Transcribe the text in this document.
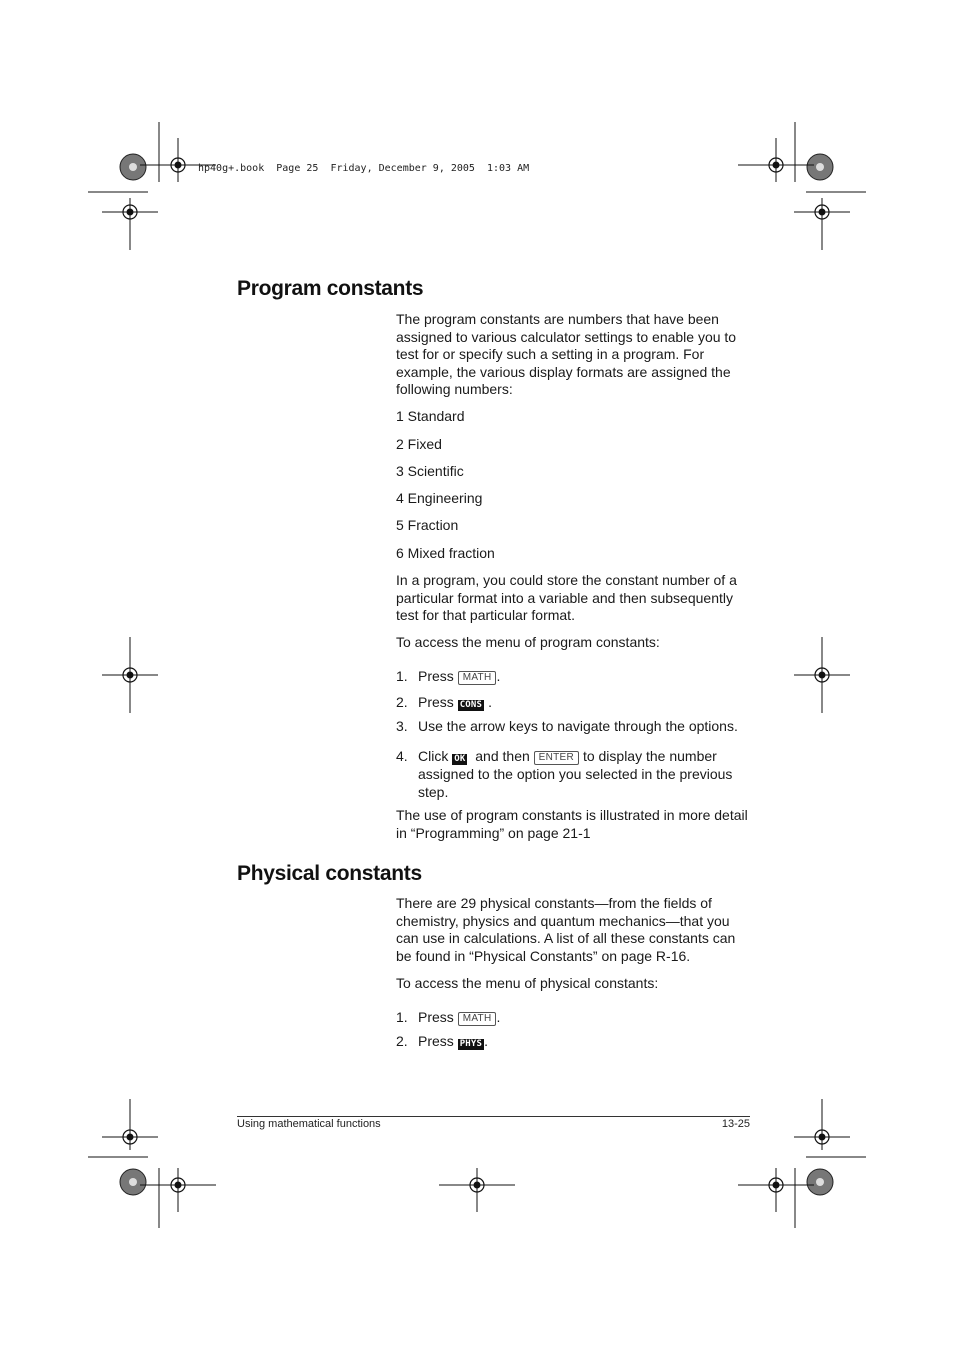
hp40g+.book  Page 25  Friday, December 9, 2005  1:03 AM
Program constants
The program constants are numbers that have been assigned to various calculator settings to enable you to test for or specify such a setting in a program. For example, the various display formats are assigned the following numbers:
1 Standard
2 Fixed
3 Scientific
4 Engineering
5 Fraction
6 Mixed fraction
In a program, you could store the constant number of a particular format into a variable and then subsequently test for that particular format.
To access the menu of program constants:
1. Press MATH .
2. Press CONS .
3. Use the arrow keys to navigate through the options.
4. Click OK and then ENTER to display the number assigned to the option you selected in the previous step.
The use of program constants is illustrated in more detail in “Programming” on page 21-1
Physical constants
There are 29 physical constants—from the fields of chemistry, physics and quantum mechanics—that you can use in calculations. A list of all these constants can be found in “Physical Constants” on page R-16.
To access the menu of physical constants:
1. Press MATH .
2. Press PHYS .
Using mathematical functions	13-25
